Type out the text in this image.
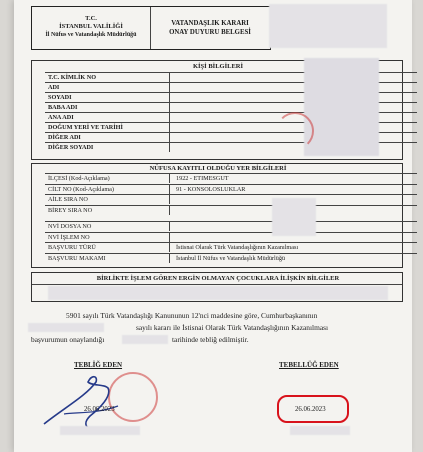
T.C.
İSTANBUL VALİLİĞİ
İl Nüfus ve Vatandaşlık Müdürlüğü
VATANDAŞLIK KARARI
ONAY DUYURU BELGESİ
KİŞİ BİLGİLERİ
T.C. KİMLİK NO
ADI
SOYADI
BABA ADI
ANA ADI
DOĞUM YERİ VE TARİHİ
DİĞER ADI
DİĞER SOYADI
NÜFUSA KAYITLI OLDUĞU YER BİLGİLERİ
İLÇESİ (Kod-Açıklama)	1922 - ETIMESGUT
CİLT NO (Kod-Açıklama)	91 - KONSOLOSLUKLAR
AİLE SIRA NO
BİREY SIRA NO
NVİ DOSYA NO
NVİ İŞLEM NO
BAŞVURU TÜRÜ	İstisnai Olarak Türk Vatandaşlığının Kazanılması
BAŞVURU MAKAMI	İstanbul İl Nüfus ve Vatandaşlık Müdürlüğü
BİRLİKTE İŞLEM GÖREN ERGİN OLMAYAN ÇOCUKLARA İLİŞKİN BİLGİLER
5901 sayılı Türk Vatandaşlığı Kanununun 12'nci maddesine göre, Cumhurbaşkanının
sayılı kararı ile İstisnai Olarak Türk Vatandaşlığının Kazanılması
başvurumun onaylandığı	tarihinde tebliğ edilmiştir.
TEBLİĞ EDEN	TEBELLÜĞ EDEN
26.06.2023	26.06.2023
